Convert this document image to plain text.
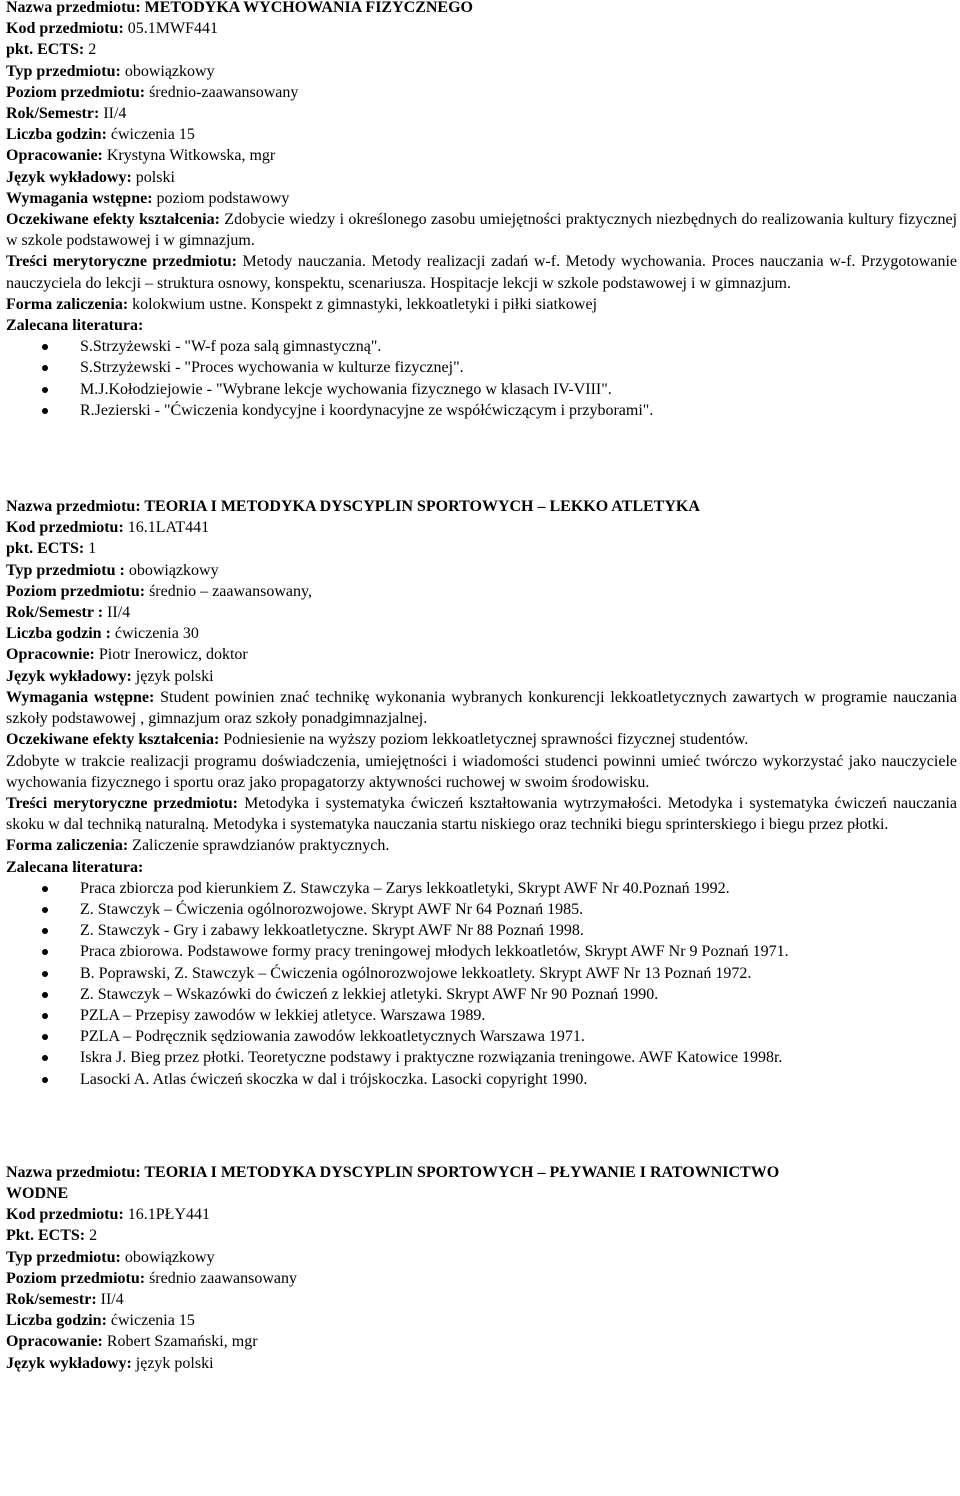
Nazwa przedmiotu: METODYKA WYCHOWANIA FIZYCZNEGO
Kod przedmiotu: 05.1MWF441
pkt. ECTS: 2
Typ przedmiotu: obowiązkowy
Poziom przedmiotu: średnio-zaawansowany
Rok/Semestr: II/4
Liczba godzin: ćwiczenia 15
Opracowanie: Krystyna Witkowska, mgr
Język wykładowy: polski
Wymagania wstępne: poziom podstawowy
Oczekiwane efekty kształcenia: Zdobycie wiedzy i określonego zasobu umiejętności praktycznych niezbędnych do realizowania kultury fizycznej w szkole podstawowej i w gimnazjum.
Treści merytoryczne przedmiotu: Metody nauczania. Metody realizacji zadań w-f. Metody wychowania. Proces nauczania w-f. Przygotowanie nauczyciela do lekcji – struktura osnowy, konspektu, scenariusza. Hospitacje lekcji w szkole podstawowej i w gimnazjum.
Forma zaliczenia: kolokwium ustne. Konspekt z gimnastyki, lekkoatletyki i piłki siatkowej
Zalecana literatura:
S.Strzyżewski - "W-f poza salą gimnastyczną".
S.Strzyżewski - "Proces wychowania w kulturze fizycznej".
M.J.Kołodziejowie - "Wybrane lekcje wychowania fizycznego w klasach IV-VIII".
R.Jezierski - "Ćwiczenia kondycyjne i koordynacyjne ze współćwiczącym i przyborami".
Nazwa przedmiotu: TEORIA I METODYKA DYSCYPLIN SPORTOWYCH – LEKKO ATLETYKA
Kod przedmiotu: 16.1LAT441
pkt. ECTS: 1
Typ przedmiotu : obowiązkowy
Poziom przedmiotu: średnio – zaawansowany,
Rok/Semestr : II/4
Liczba godzin : ćwiczenia 30
Opracownie: Piotr Inerowicz, doktor
Język wykładowy: język polski
Wymagania wstępne: Student powinien znać technikę wykonania wybranych konkurencji lekkoatletycznych zawartych w programie nauczania szkoły podstawowej , gimnazjum oraz szkoły ponadgimnazjalnej.
Oczekiwane efekty kształcenia: Podniesienie na wyższy poziom lekkoatletycznej sprawności fizycznej studentów.
Zdobyte w trakcie realizacji programu doświadczenia, umiejętności i wiadomości studenci powinni umieć twórczo wykorzystać jako nauczyciele wychowania fizycznego i sportu oraz jako propagatorzy aktywności ruchowej w swoim środowisku.
Treści merytoryczne przedmiotu: Metodyka i systematyka ćwiczeń kształtowania wytrzymałości. Metodyka i systematyka ćwiczeń nauczania skoku w dal techniką naturalną. Metodyka i systematyka nauczania startu niskiego oraz techniki biegu sprinterskiego i biegu przez płotki.
Forma zaliczenia: Zaliczenie sprawdzianów praktycznych.
Zalecana literatura:
Praca zbiorcza pod kierunkiem Z. Stawczyka – Zarys lekkoatletyki, Skrypt AWF Nr 40.Poznań 1992.
Z. Stawczyk – Ćwiczenia ogólnorozwojowe. Skrypt AWF Nr 64 Poznań 1985.
Z. Stawczyk - Gry i zabawy lekkoatletyczne. Skrypt AWF Nr 88 Poznań 1998.
Praca zbiorowa. Podstawowe formy pracy treningowej młodych lekkoatletów, Skrypt AWF Nr 9 Poznań 1971.
B. Poprawski, Z. Stawczyk – Ćwiczenia ogólnorozwojowe lekkoatlety. Skrypt AWF Nr 13 Poznań 1972.
Z. Stawczyk – Wskazówki do ćwiczeń z lekkiej atletyki. Skrypt AWF Nr 90 Poznań 1990.
PZLA – Przepisy zawodów w lekkiej atletyce. Warszawa 1989.
PZLA – Podręcznik sędziowania zawodów lekkoatletycznych Warszawa 1971.
Iskra J. Bieg przez płotki. Teoretyczne podstawy i praktyczne rozwiązania treningowe. AWF Katowice 1998r.
Lasocki A. Atlas ćwiczeń skoczka w dal i trójskoczka. Lasocki copyright 1990.
Nazwa przedmiotu: TEORIA I METODYKA DYSCYPLIN SPORTOWYCH – PŁYWANIE I RATOWNICTWO
WODNE
Kod przedmiotu: 16.1PŁY441
Pkt. ECTS: 2
Typ przedmiotu: obowiązkowy
Poziom przedmiotu: średnio zaawansowany
Rok/semestr: II/4
Liczba godzin: ćwiczenia 15
Opracowanie: Robert Szamański, mgr
Język wykładowy: język polski
